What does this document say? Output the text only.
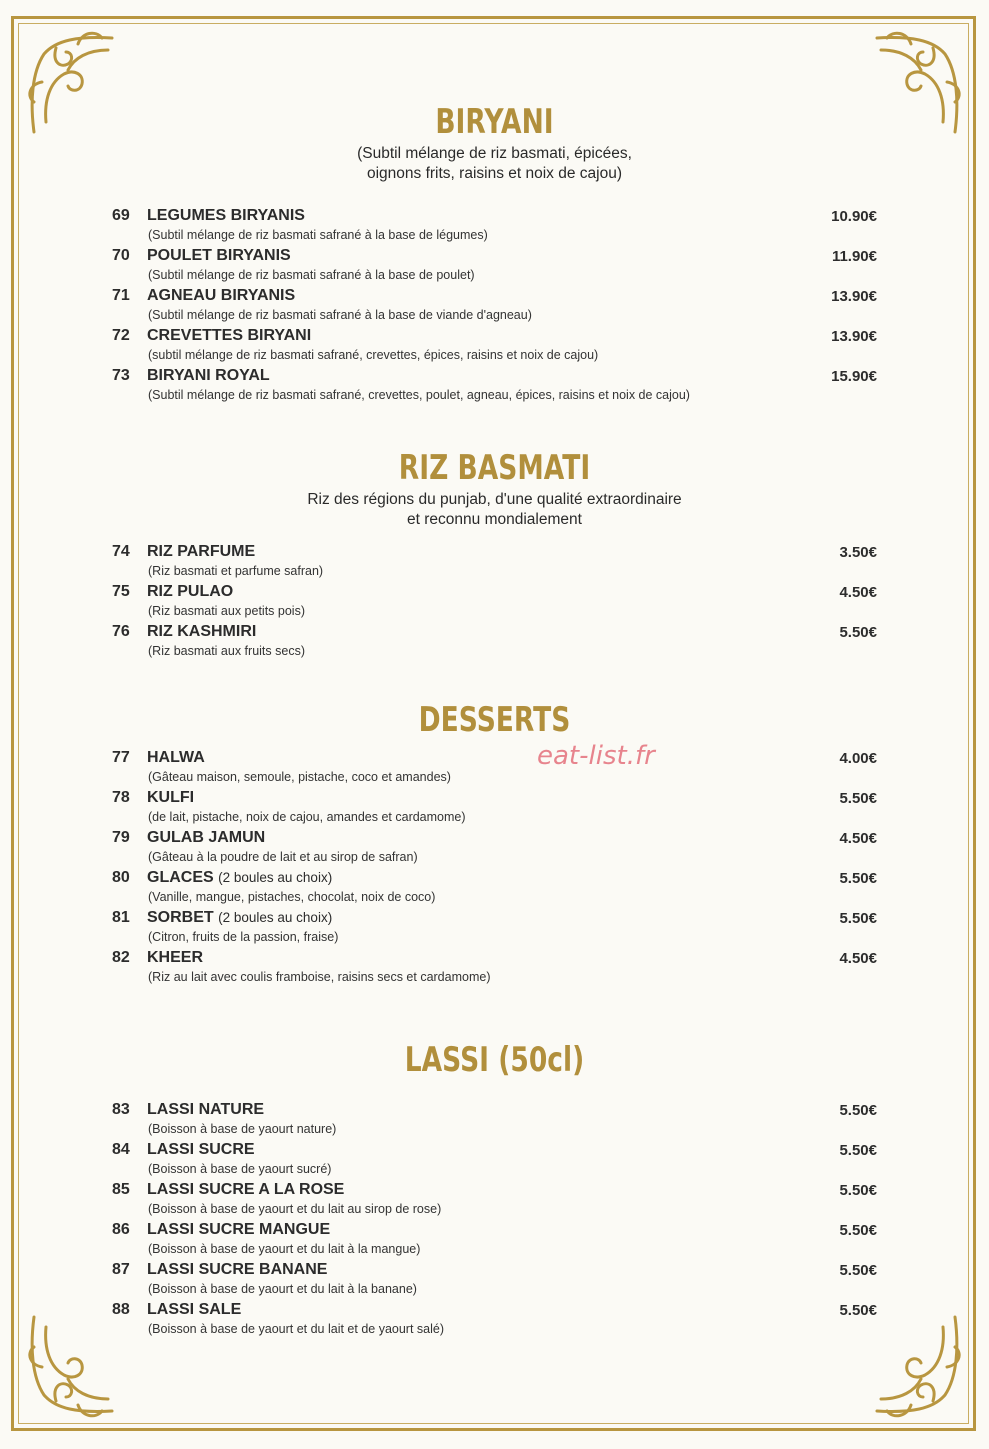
BIRYANI
(Subtil mélange de riz basmati, épicées,
oignons frits, raisins et noix de cajou)
69 LEGUMES BIRYANIS
(Subtil mélange de riz basmati safrané à la base de légumes)
10.90€
70 POULET BIRYANIS
(Subtil mélange de riz basmati safrané à la base de poulet)
11.90€
71 AGNEAU BIRYANIS
(Subtil mélange de riz basmati safrané à la base de viande d'agneau)
13.90€
72 CREVETTES BIRYANI
(subtil mélange de riz basmati safrané, crevettes, épices, raisins et noix de cajou)
13.90€
73 BIRYANI ROYAL
(Subtil mélange de riz basmati safrané, crevettes, poulet, agneau, épices, raisins et noix de cajou)
15.90€
RIZ BASMATI
Riz des régions du punjab, d'une qualité extraordinaire
et reconnu mondialement
74 RIZ PARFUME
(Riz basmati et parfume safran)
3.50€
75 RIZ PULAO
(Riz basmati aux petits pois)
4.50€
76 RIZ KASHMIRI
(Riz basmati aux fruits secs)
5.50€
DESSERTS
77 HALWA
(Gâteau maison, semoule, pistache, coco et amandes)
4.00€
78 KULFI
(de lait, pistache, noix de cajou, amandes et cardamome)
5.50€
79 GULAB JAMUN
(Gâteau à la poudre de lait et au sirop de safran)
4.50€
80 GLACES (2 boules au choix)
(Vanille, mangue, pistaches, chocolat, noix de coco)
5.50€
81 SORBET (2 boules au choix)
(Citron, fruits de la passion, fraise)
5.50€
82 KHEER
(Riz au lait avec coulis framboise, raisins secs et cardamome)
4.50€
LASSI (50cl)
83 LASSI NATURE
(Boisson à base de yaourt nature)
5.50€
84 LASSI SUCRE
(Boisson à base de yaourt sucré)
5.50€
85 LASSI SUCRE A LA ROSE
(Boisson à base de yaourt et du lait au sirop de rose)
5.50€
86 LASSI SUCRE MANGUE
(Boisson à base de yaourt et du lait à la mangue)
5.50€
87 LASSI SUCRE BANANE
(Boisson à base de yaourt et du lait à la banane)
5.50€
88 LASSI SALE
(Boisson à base de yaourt et du lait et de yaourt salé)
5.50€
eat-list.fr
